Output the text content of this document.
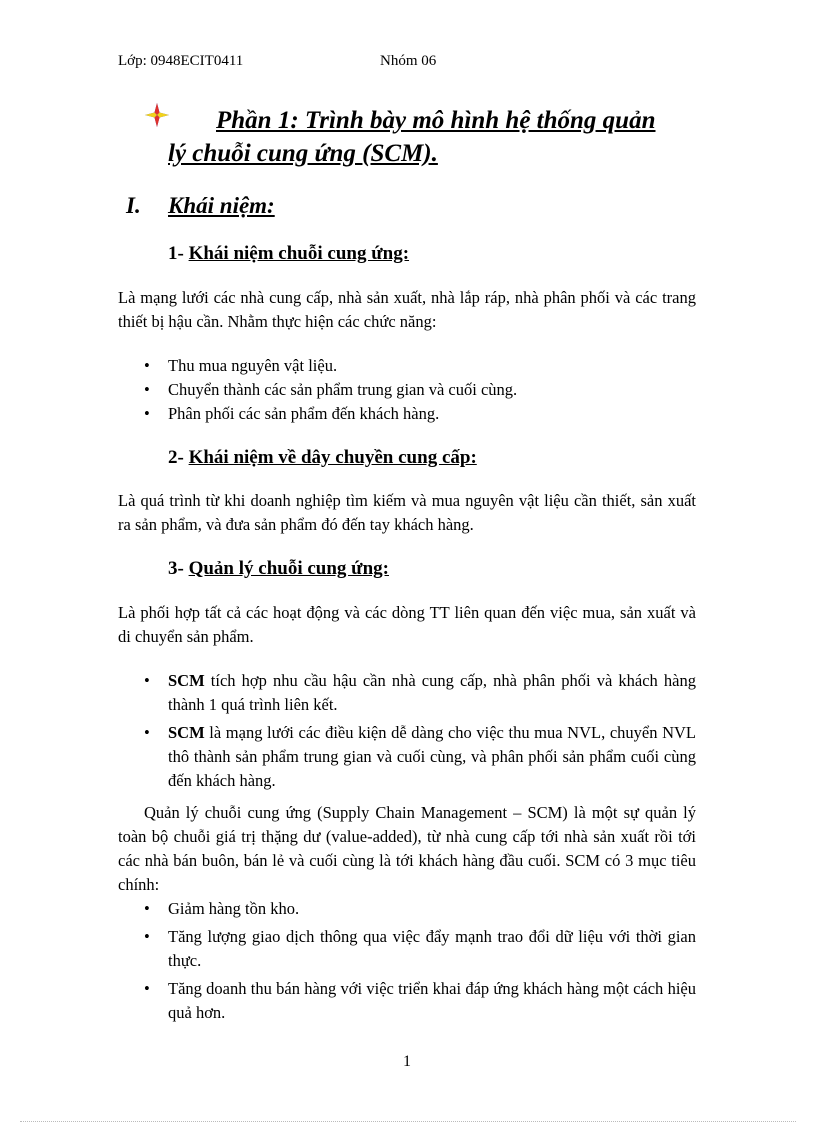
Lớp: 0948ECIT0411	Nhóm 06
Phần 1: Trình bày mô hình hệ thống quản
lý chuỗi cung ứng (SCM).
I. Khái niệm:
1- Khái niệm chuỗi cung ứng:
Là mạng lưới các nhà cung cấp, nhà sản xuất, nhà lắp ráp, nhà phân phối và các trang thiết bị hậu cần. Nhằm thực hiện các chức năng:
• Thu mua nguyên vật liệu.
• Chuyển thành các sản phẩm trung gian và cuối cùng.
• Phân phối các sản phẩm đến khách hàng.
2- Khái niệm về dây chuyền cung cấp:
Là quá trình từ khi doanh nghiệp tìm kiếm và mua nguyên vật liệu cần thiết, sản xuất ra sản phẩm, và đưa sản phẩm đó đến tay khách hàng.
3- Quản lý chuỗi cung ứng:
Là phối hợp tất cả các hoạt động và các dòng TT liên quan đến việc mua, sản xuất và di chuyển sản phẩm.
• SCM tích hợp nhu cầu hậu cần nhà cung cấp, nhà phân phối và khách hàng thành 1 quá trình liên kết.
• SCM là mạng lưới các điều kiện dễ dàng cho việc thu mua NVL, chuyển NVL thô thành sản phẩm trung gian và cuối cùng, và phân phối sản phẩm cuối cùng đến khách hàng.
Quản lý chuỗi cung ứng (Supply Chain Management – SCM) là một sự quản lý toàn bộ chuỗi giá trị thặng dư (value-added), từ nhà cung cấp tới nhà sản xuất rồi tới các nhà bán buôn, bán lẻ và cuối cùng là tới khách hàng đầu cuối. SCM có 3 mục tiêu chính:
• Giảm hàng tồn kho.
• Tăng lượng giao dịch thông qua việc đẩy mạnh trao đổi dữ liệu với thời gian thực.
• Tăng doanh thu bán hàng với việc triển khai đáp ứng khách hàng một cách hiệu quả hơn.
1
